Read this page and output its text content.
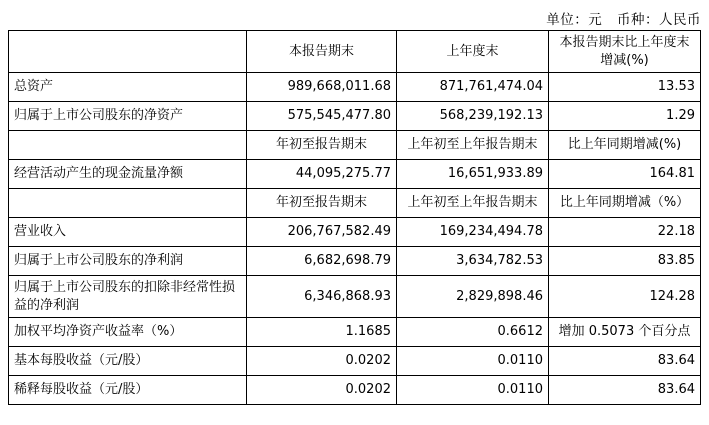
单位：元 币种：人民币
	本报告期末	上年度末	本报告期末比上年度末增减(%)
总资产	989,668,011.68	871,761,474.04	13.53
归属于上市公司股东的净资产	575,545,477.80	568,239,192.13	1.29
	年初至报告期末	上年初至上年报告期末	比上年同期增减(%)
经营活动产生的现金流量净额	44,095,275.77	16,651,933.89	164.81
	年初至报告期末	上年初至上年报告期末	比上年同期增减（%）
营业收入	206,767,582.49	169,234,494.78	22.18
归属于上市公司股东的净利润	6,682,698.79	3,634,782.53	83.85
归属于上市公司股东的扣除非经常性损益的净利润	6,346,868.93	2,829,898.46	124.28
加权平均净资产收益率（%）	1.1685	0.6612	增加 0.5073 个百分点
基本每股收益（元/股）	0.0202	0.0110	83.64
稀释每股收益（元/股）	0.0202	0.0110	83.64
